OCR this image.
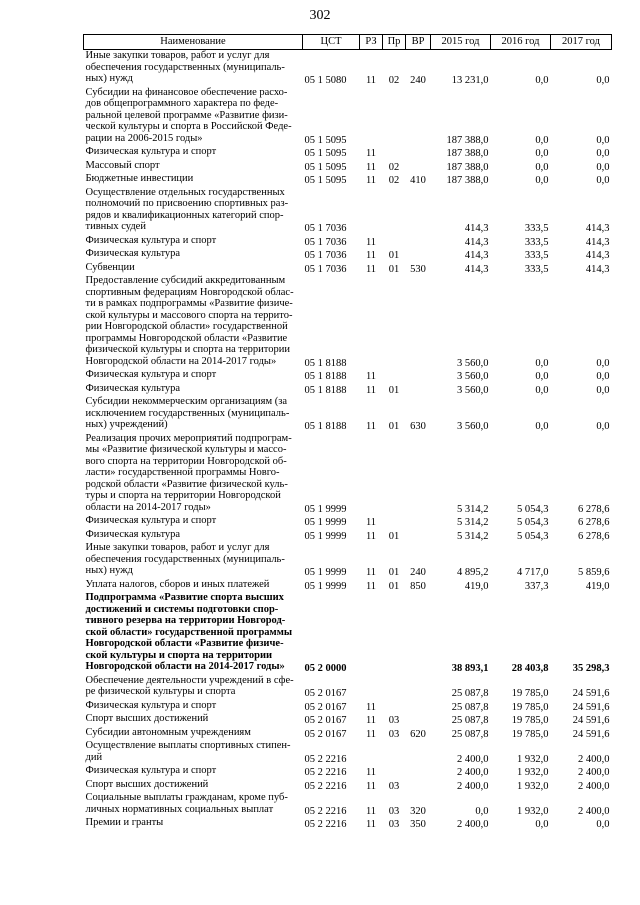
302
Наименование	ЦСТ	РЗ	Пр	ВР	2015 год	2016 год	2017 год
Иные закупки товаров, работ и услуг для обеспечения государственных (муниципаль-ных) нужд	05 1 5080	11	02	240	13 231,0	0,0	0,0
Субсидии на финансовое обеспечение расхо-дов общепрограммного характера по феде-ральной целевой программе «Развитие физи-ческой культуры и спорта в Российской Феде-рации на 2006-2015 годы»	05 1 5095				187 388,0	0,0	0,0
Физическая культура и спорт	05 1 5095	11			187 388,0	0,0	0,0
Массовый спорт	05 1 5095	11	02		187 388,0	0,0	0,0
Бюджетные инвестиции	05 1 5095	11	02	410	187 388,0	0,0	0,0
Осуществление отдельных государственных полномочий по присвоению спортивных раз-рядов и квалификационных категорий спор-тивных судей	05 1 7036				414,3	333,5	414,3
Физическая культура и спорт	05 1 7036	11			414,3	333,5	414,3
Физическая культура	05 1 7036	11	01		414,3	333,5	414,3
Субвенции	05 1 7036	11	01	530	414,3	333,5	414,3
Предоставление субсидий аккредитованным спортивным федерациям Новгородской облас-ти в рамках подпрограммы «Развитие физиче-ской культуры и массового спорта на террито-рии Новгородской области» государственной программы Новгородской области «Развитие физической культуры и спорта на территории Новгородской области на 2014-2017 годы»	05 1 8188				3 560,0	0,0	0,0
Физическая культура и спорт	05 1 8188	11			3 560,0	0,0	0,0
Физическая культура	05 1 8188	11	01		3 560,0	0,0	0,0
Субсидии некоммерческим организациям (за исключением государственных (муниципаль-ных) учреждений)	05 1 8188	11	01	630	3 560,0	0,0	0,0
Реализация прочих мероприятий подпрограм-мы «Развитие физической культуры и массо-вого спорта на территории Новгородской об-ласти» государственной программы Новго-родской области «Развитие физической куль-туры и спорта на территории Новгородской области на 2014-2017 годы»	05 1 9999				5 314,2	5 054,3	6 278,6
Физическая культура и спорт	05 1 9999	11			5 314,2	5 054,3	6 278,6
Физическая культура	05 1 9999	11	01		5 314,2	5 054,3	6 278,6
Иные закупки товаров, работ и услуг для обеспечения государственных (муниципаль-ных) нужд	05 1 9999	11	01	240	4 895,2	4 717,0	5 859,6
Уплата налогов, сборов и иных платежей	05 1 9999	11	01	850	419,0	337,3	419,0
Подпрограмма «Развитие спорта высших достижений и системы подготовки спор-тивного резерва на территории Новгород-ской области» государственной программы Новгородской области «Развитие физиче-ской культуры и спорта на территории Новгородской области на 2014-2017 годы»	05 2 0000				38 893,1	28 403,8	35 298,3
Обеспечение деятельности учреждений в сфе-ре физической культуры и спорта	05 2 0167				25 087,8	19 785,0	24 591,6
Физическая культура и спорт	05 2 0167	11			25 087,8	19 785,0	24 591,6
Спорт высших достижений	05 2 0167	11	03		25 087,8	19 785,0	24 591,6
Субсидии автономным учреждениям	05 2 0167	11	03	620	25 087,8	19 785,0	24 591,6
Осуществление выплаты спортивных стипен-дий	05 2 2216				2 400,0	1 932,0	2 400,0
Физическая культура и спорт	05 2 2216	11			2 400,0	1 932,0	2 400,0
Спорт высших достижений	05 2 2216	11	03		2 400,0	1 932,0	2 400,0
Социальные выплаты гражданам, кроме пуб-личных нормативных социальных выплат	05 2 2216	11	03	320	0,0	1 932,0	2 400,0
Премии и гранты	05 2 2216	11	03	350	2 400,0	0,0	0,0
